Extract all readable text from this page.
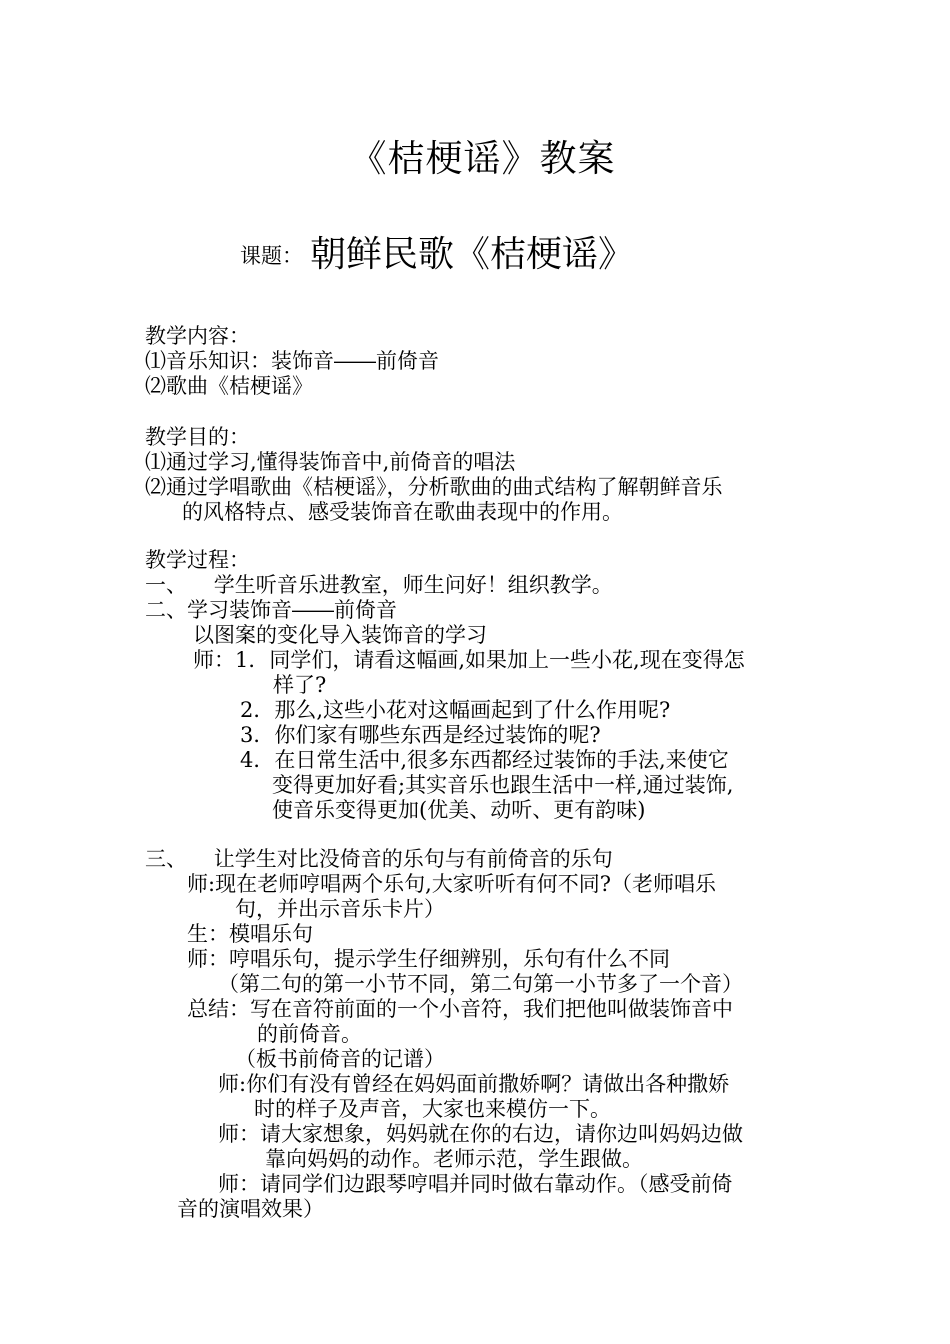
《桔梗谣》教案
课题： 朝鲜民歌《桔梗谣》
教学内容：
⑴音乐知识：装饰音――前倚音
⑵歌曲《桔梗谣》
教学目的：
⑴通过学习,懂得装饰音中,前倚音的唱法
⑵通过学唱歌曲《桔梗谣》，分析歌曲的曲式结构了解朝鲜音乐
的风格特点、感受装饰音在歌曲表现中的作用。
教学过程：
一、    学生听音乐进教室，师生问好！组织教学。
二、学习装饰音――前倚音
以图案的变化导入装饰音的学习
师：1．同学们，请看这幅画,如果加上一些小花,现在变得怎
样了?
2．那么,这些小花对这幅画起到了什么作用呢?
3．你们家有哪些东西是经过装饰的呢?
4．在日常生活中,很多东西都经过装饰的手法,来使它
变得更加好看;其实音乐也跟生活中一样,通过装饰,
使音乐变得更加(优美、动听、更有韵味)
三、    让学生对比没倚音的乐句与有前倚音的乐句
师:现在老师哼唱两个乐句,大家听听有何不同?（老师唱乐
句，并出示音乐卡片）
生：模唱乐句
师：哼唱乐句，提示学生仔细辨别，乐句有什么不同
（第二句的第一小节不同，第二句第一小节多了一个音）
总结：写在音符前面的一个小音符，我们把他叫做装饰音中
的前倚音。
（板书前倚音的记谱）
师:你们有没有曾经在妈妈面前撒娇啊？请做出各种撒娇
时的样子及声音，大家也来模仿一下。
师：请大家想象，妈妈就在你的右边，请你边叫妈妈边做
靠向妈妈的动作。老师示范，学生跟做。
师：请同学们边跟琴哼唱并同时做右靠动作。（感受前倚
音的演唱效果）
